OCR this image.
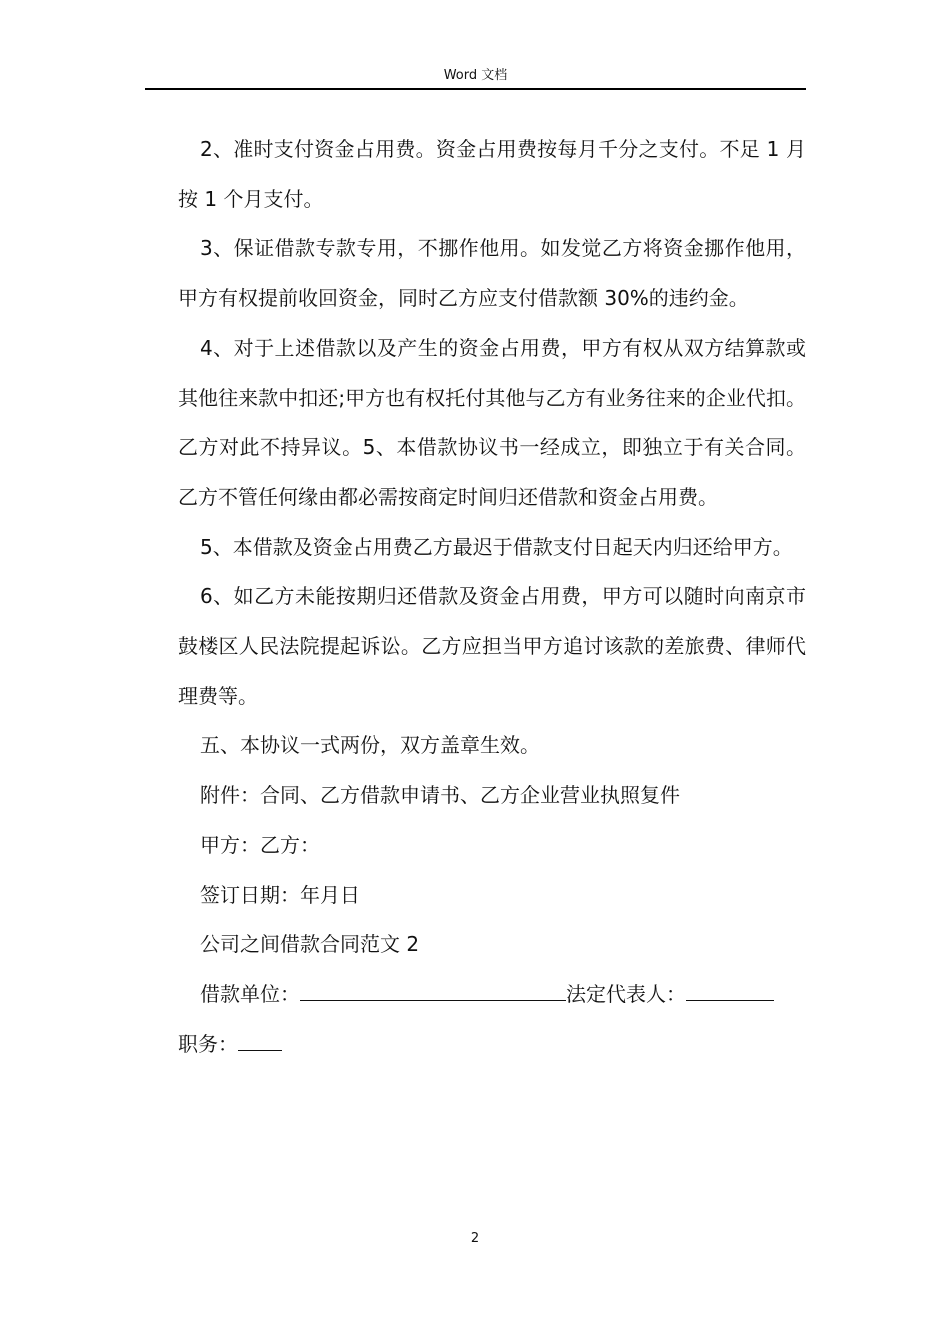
Word 文档

2、准时支付资金占用费。资金占用费按每月千分之支付。不足 1 月按 1 个月支付。

3、保证借款专款专用，不挪作他用。如发觉乙方将资金挪作他用，甲方有权提前收回资金，同时乙方应支付借款额 30%的违约金。

4、对于上述借款以及产生的资金占用费，甲方有权从双方结算款或其他往来款中扣还;甲方也有权托付其他与乙方有业务往来的企业代扣。乙方对此不持异议。5、本借款协议书一经成立，即独立于有关合同。乙方不管任何缘由都必需按商定时间归还借款和资金占用费。

5、本借款及资金占用费乙方最迟于借款支付日起天内归还给甲方。

6、如乙方未能按期归还借款及资金占用费，甲方可以随时向南京市鼓楼区人民法院提起诉讼。乙方应担当甲方追讨该款的差旅费、律师代理费等。

五、本协议一式两份，双方盖章生效。

附件：合同、乙方借款申请书、乙方企业营业执照复件

甲方：乙方：

签订日期：年月日

公司之间借款合同范文 2

借款单位：	法定代表人：

职务：

2
